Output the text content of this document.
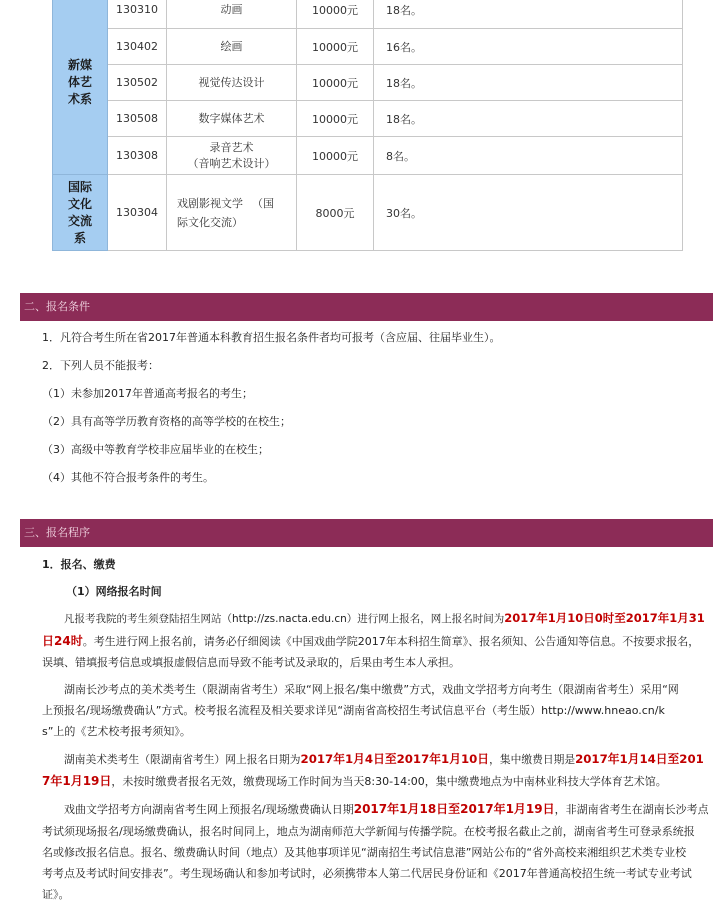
新媒
体艺
术系	130310	动画	10000元	18名。
	130402	绘画	10000元	16名。
	130502	视觉传达设计	10000元	18名。
	130508	数字媒体艺术	10000元	18名。
	130308	录音艺术
（音响艺术设计）	10000元	8名。
国际
文化
交流
系	130304	戏剧影视文学 　（国
际文化交流）	8000元	30名。
二、报名条件
1．凡符合考生所在省2017年普通本科教育招生报名条件者均可报考（含应届、往届毕业生）。
2．下列人员不能报考：
（1）未参加2017年普通高考报名的考生；
（2）具有高等学历教育资格的高等学校的在校生；
（3）高级中等教育学校非应届毕业的在校生；
（4）其他不符合报考条件的考生。
三、报名程序
1．报名、缴费
（1）网络报名时间
凡报考我院的考生须登陆招生网站（http://zs.nacta.edu.cn）进行网上报名，网上报名时间为2017年1月10日0时至2017年1月31
日24时。考生进行网上报名前，请务必仔细阅读《中国戏曲学院2017年本科招生简章》、报名须知、公告通知等信息。不按要求报名，
误填、错填报考信息或填报虚假信息而导致不能考试及录取的，后果由考生本人承担。
湖南长沙考点的美术类考生（限湖南省考生）采取“网上报名/集中缴费”方式，戏曲文学招考方向考生（限湖南省考生）采用“网
上预报名/现场缴费确认”方式。校考报名流程及相关要求详见“湖南省高校招生考试信息平台（考生版）http://www.hneao.cn/k
s”上的《艺术校考报考须知》。
湖南美术类考生（限湖南省考生）网上报名日期为2017年1月4日至2017年1月10日，集中缴费日期是2017年1月14日至201
7年1月19日，未按时缴费者报名无效，缴费现场工作时间为当天8:30-14:00，集中缴费地点为中南林业科技大学体育艺术馆。
戏曲文学招考方向湖南省考生网上预报名/现场缴费确认日期2017年1月18日至2017年1月19日，非湖南省考生在湖南长沙考点
考试须现场报名/现场缴费确认，报名时间同上，地点为湖南师范大学新闻与传播学院。在校考报名截止之前，湖南省考生可登录系统报
名或修改报名信息。报名、缴费确认时间（地点）及其他事项详见“湖南招生考试信息港”网站公布的“省外高校来湘组织艺术类专业校
考考点及考试时间安排表”。考生现场确认和参加考试时，必须携带本人第二代居民身份证和《2017年普通高校招生统一考试专业考试
证》。
